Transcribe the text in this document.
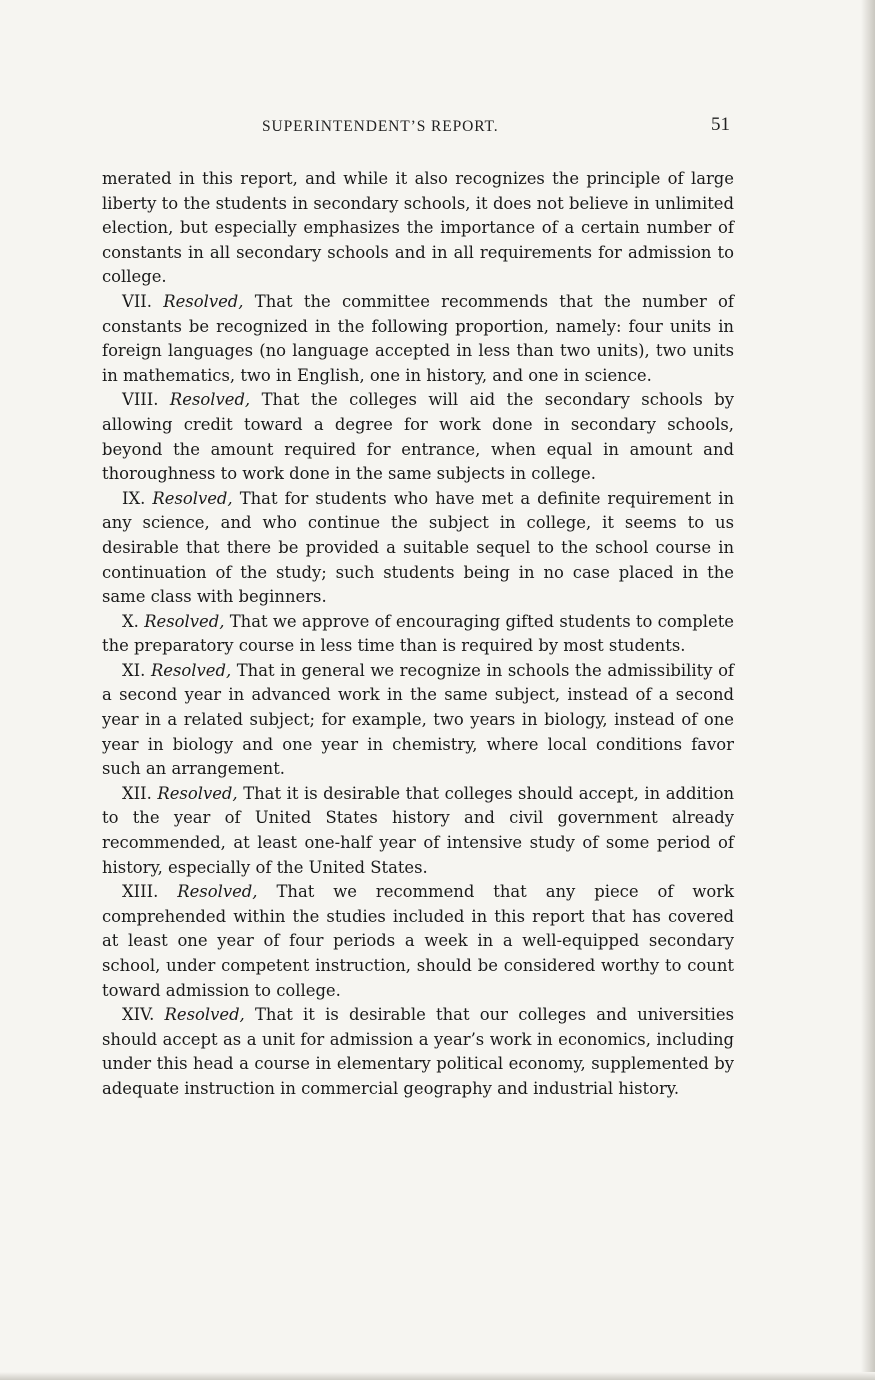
SUPERINTENDENT’S REPORT.	51

merated in this report, and while it also recognizes the principle of large liberty to the students in secondary schools, it does not believe in unlimited election, but especially emphasizes the importance of a certain number of constants in all secondary schools and in all requirements for admission to college.

VII. Resolved, That the committee recommends that the number of constants be recognized in the following proportion, namely: four units in foreign languages (no language accepted in less than two units), two units in mathematics, two in English, one in history, and one in science.

VIII. Resolved, That the colleges will aid the secondary schools by allowing credit toward a degree for work done in secondary schools, beyond the amount required for entrance, when equal in amount and thoroughness to work done in the same subjects in college.

IX. Resolved, That for students who have met a definite requirement in any science, and who continue the subject in college, it seems to us desirable that there be provided a suitable sequel to the school course in continuation of the study; such students being in no case placed in the same class with beginners.

X. Resolved, That we approve of encouraging gifted students to complete the preparatory course in less time than is required by most students.

XI. Resolved, That in general we recognize in schools the admissibility of a second year in advanced work in the same subject, instead of a second year in a related subject; for example, two years in biology, instead of one year in biology and one year in chemistry, where local conditions favor such an arrangement.

XII. Resolved, That it is desirable that colleges should accept, in addition to the year of United States history and civil government already recommended, at least one-half year of intensive study of some period of history, especially of the United States.

XIII. Resolved, That we recommend that any piece of work comprehended within the studies included in this report that has covered at least one year of four periods a week in a well-equipped secondary school, under competent instruction, should be considered worthy to count toward admission to college.

XIV. Resolved, That it is desirable that our colleges and universities should accept as a unit for admission a year’s work in economics, including under this head a course in elementary political economy, supplemented by adequate instruction in commercial geography and industrial history.
